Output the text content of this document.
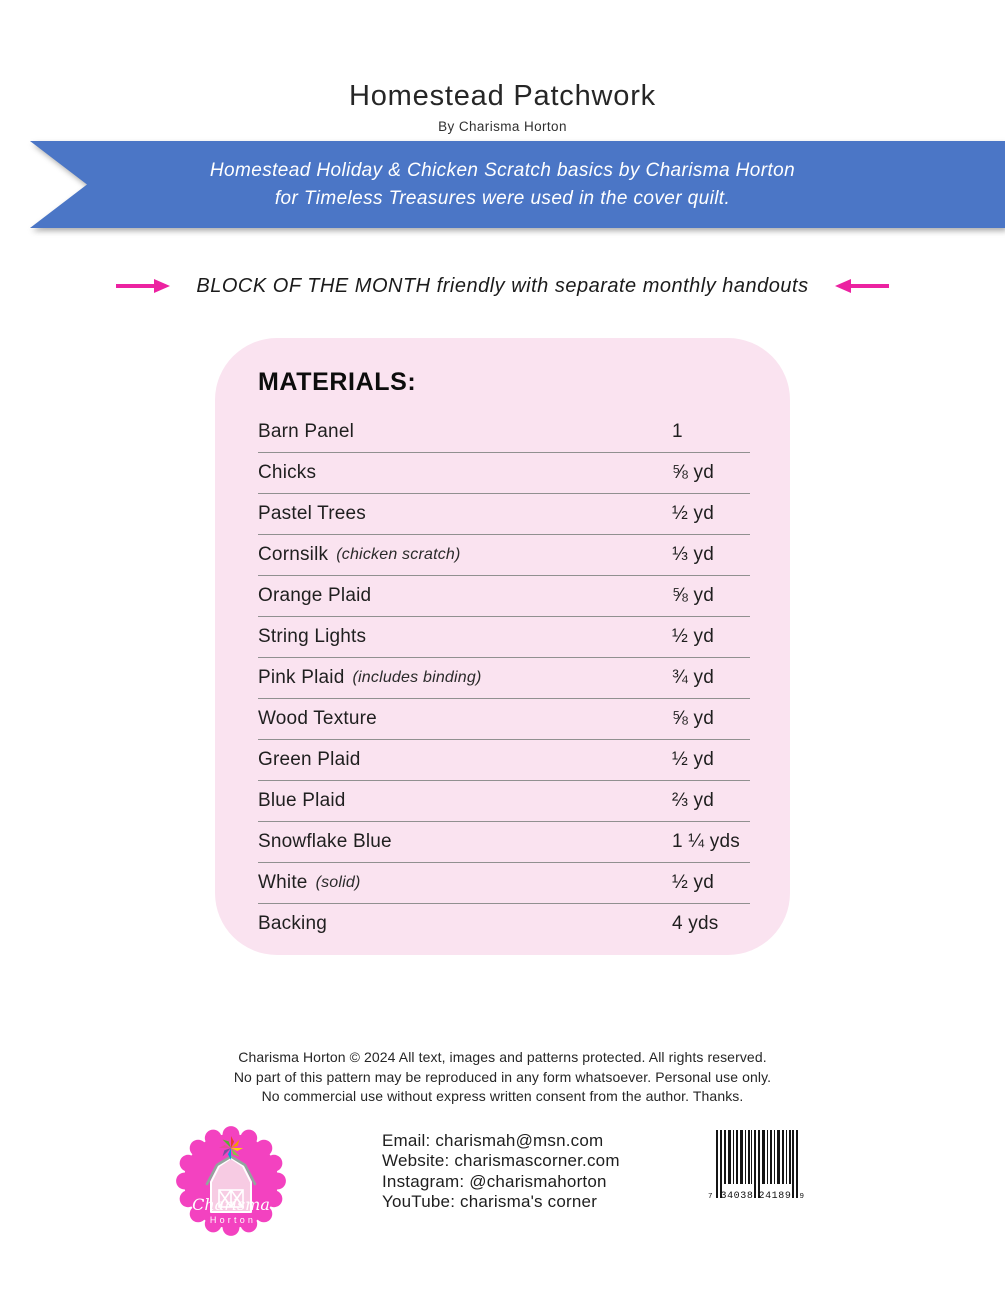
Homestead Patchwork
By Charisma Horton
Homestead Holiday & Chicken Scratch basics by Charisma Horton
for Timeless Treasures were used in the cover quilt.
BLOCK OF THE MONTH friendly with separate monthly handouts
MATERIALS:
Barn Panel	1
Chicks	⅝ yd
Pastel Trees	½ yd
Cornsilk (chicken scratch)	⅓ yd
Orange Plaid	⅝ yd
String Lights	½ yd
Pink Plaid (includes binding)	¾ yd
Wood Texture	⅝ yd
Green Plaid	½ yd
Blue Plaid	⅔ yd
Snowflake Blue	1 ¼ yds
White (solid)	½ yd
Backing	4 yds
Charisma Horton © 2024 All text, images and patterns protected. All rights reserved.
No part of this pattern may be reproduced in any form whatsoever. Personal use only.
No commercial use without express written consent from the author. Thanks.
Charisma
Horton
Email: charismah@msn.com
Website: charismascorner.com
Instagram: @charismahorton
YouTube: charisma's corner	7 34038 24189 9
